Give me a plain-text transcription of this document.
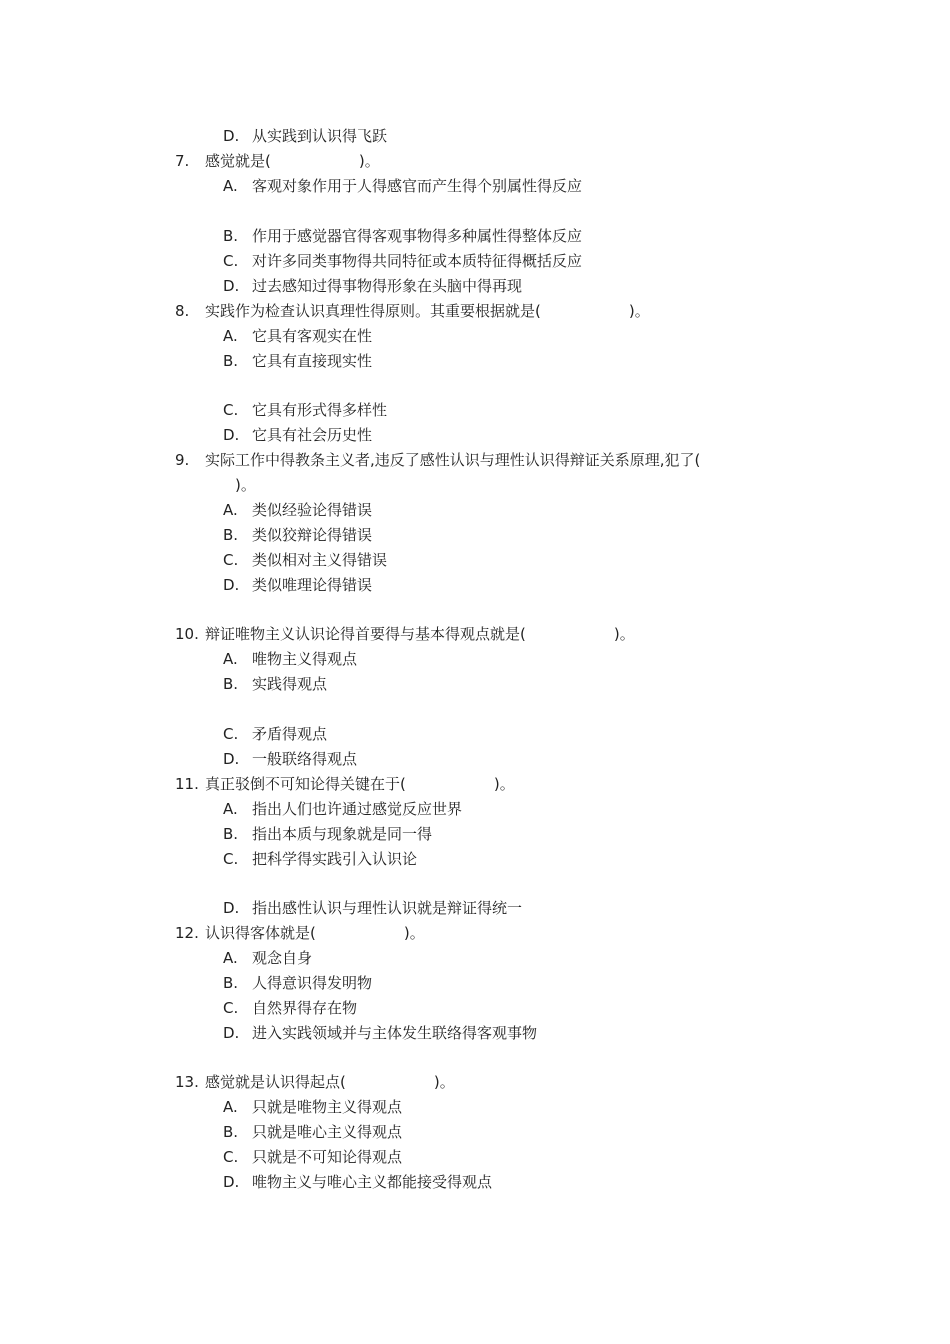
D. 从实践到认识得飞跃
7. 感觉就是(	)。
A. 客观对象作用于人得感官而产生得个别属性得反应
B. 作用于感觉器官得客观事物得多种属性得整体反应
C. 对许多同类事物得共同特征或本质特征得概括反应
D. 过去感知过得事物得形象在头脑中得再现
8. 实践作为检查认识真理性得原则。其重要根据就是(	)。
A. 它具有客观实在性
B. 它具有直接现实性
C. 它具有形式得多样性
D. 它具有社会历史性
9. 实际工作中得教条主义者,违反了感性认识与理性认识得辩证关系原理,犯了(
)。
A. 类似经验论得错误
B. 类似狡辩论得错误
C. 类似相对主义得错误
D. 类似唯理论得错误
10. 辩证唯物主义认识论得首要得与基本得观点就是(	)。
A. 唯物主义得观点
B. 实践得观点
C. 矛盾得观点
D. 一般联络得观点
11. 真正驳倒不可知论得关键在于(	)。
A. 指出人们也许通过感觉反应世界
B. 指出本质与现象就是同一得
C. 把科学得实践引入认识论
D. 指出感性认识与理性认识就是辩证得统一
12. 认识得客体就是(	)。
A. 观念自身
B. 人得意识得发明物
C. 自然界得存在物
D. 进入实践领域并与主体发生联络得客观事物
13. 感觉就是认识得起点(	)。
A. 只就是唯物主义得观点
B. 只就是唯心主义得观点
C. 只就是不可知论得观点
D. 唯物主义与唯心主义都能接受得观点
